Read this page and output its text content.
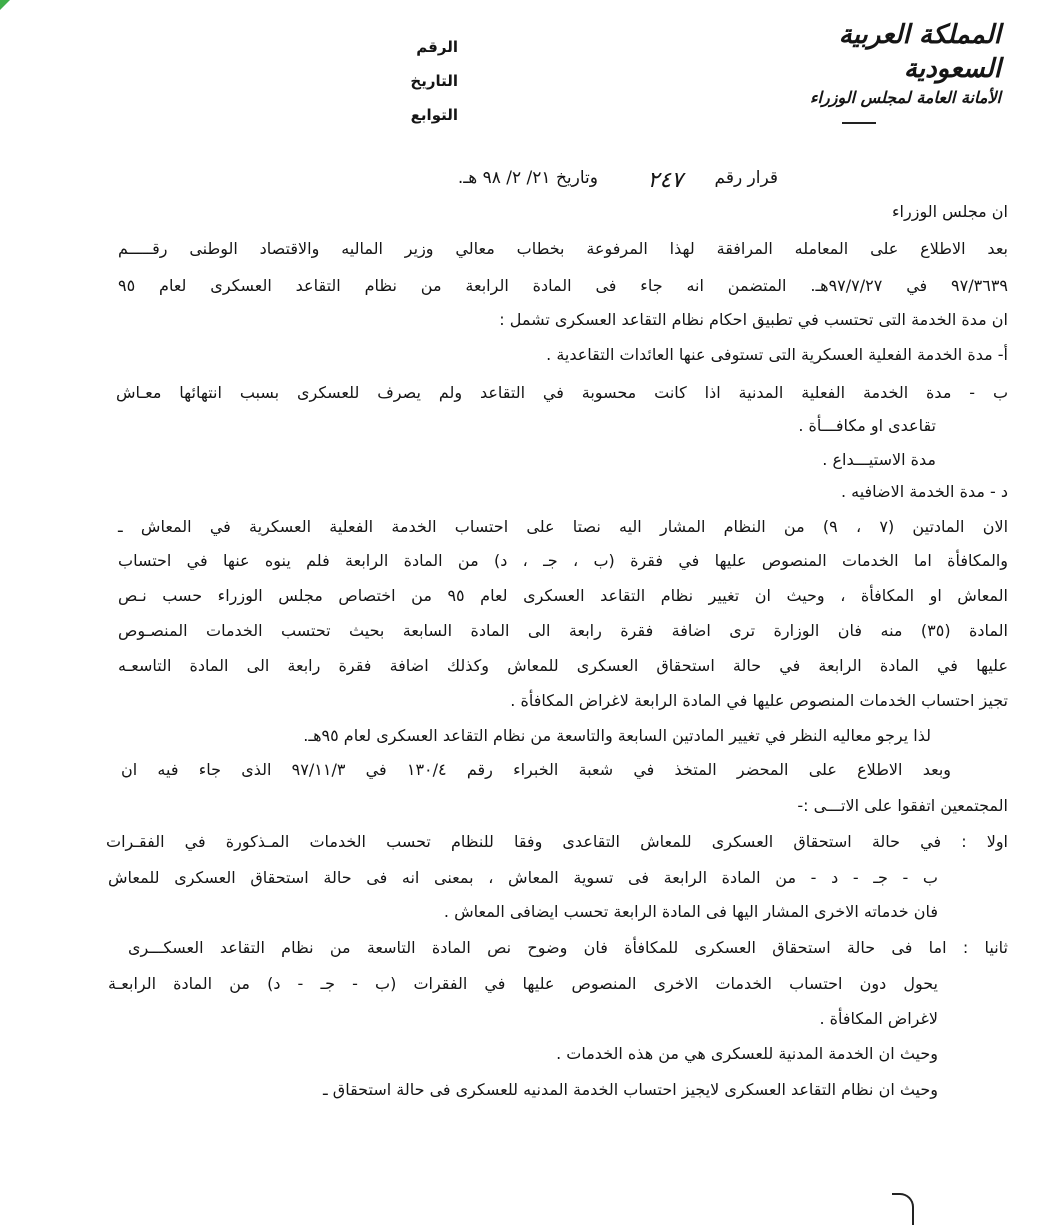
المملكة العربية السعودية
الأمانة العامة لمجلس الوزراء
الرقم
التاريخ
التوابع
قرار رقم
٢٤٧
وتاريخ ٢١/ ٢/ ٩٨ هـ.
ان مجلس الوزراء
بعد الاطلاع على المعامله المرافقة لهذا المرفوعة بخطاب معالي وزير الماليه والاقتصاد الوطنى رقـــــم
٩٧/٣٦٣٩ في ٩٧/٧/٢٧هـ. المتضمن انه جاء فى المادة الرابعة من نظام التقاعد العسكرى لعام ٩٥
ان مدة الخدمة التى تحتسب في تطبيق احكام نظام التقاعد العسكرى تشمل :
أ- مدة الخدمة الفعلية العسكرية التى تستوفى عنها العائدات التقاعدية .
ب - مدة الخدمة الفعلية المدنية اذا كانت محسوبة في التقاعد ولم يصرف للعسكرى بسبب انتهائها معـاش
تقاعدى او مكافـــأة .
مدة الاستيـــداع .
د - مدة الخدمة الاضافيه .
الان المادتين (٧ ، ٩) من النظام المشار اليه نصتا على احتساب الخدمة الفعلية العسكرية في المعاش ـ
والمكافأة اما الخدمات المنصوص عليها في فقرة (ب ، جـ ، د) من المادة الرابعة فلم ينوه عنها في احتساب
المعاش او المكافأة ، وحيث ان تغيير نظام التقاعد العسكرى لعام ٩٥ من اختصاص مجلس الوزراء حسب نـص
المادة (٣٥) منه فان الوزارة ترى اضافة فقرة رابعة الى المادة السابعة بحيث تحتسب الخدمات المنصـوص
عليها في المادة الرابعة في حالة استحقاق العسكرى للمعاش وكذلك اضافة فقرة رابعة الى المادة التاسعـه
تجيز احتساب الخدمات المنصوص عليها في المادة الرابعة لاغراض المكافأة .
لذا يرجو معاليه النظر في تغيير المادتين السابعة والتاسعة من نظام التقاعد العسكرى لعام ٩٥هـ.
وبعد الاطلاع على المحضر المتخذ في شعبة الخبراء رقم ١٣٠/٤ في ٩٧/١١/٣ الذى جاء فيه ان
المجتمعين اتفقوا على الاتـــى :-
اولا : في حالة استحقاق العسكرى للمعاش التقاعدى وفقا للنظام تحسب الخدمات المـذكورة في الفقـرات
ب - جـ - د - من المادة الرابعة فى تسوية المعاش ، بمعنى انه فى حالة استحقاق العسكرى للمعاش
فان خدماته الاخرى المشار اليها فى المادة الرابعة تحسب ايضافى المعاش .
ثانيا : اما فى حالة استحقاق العسكرى للمكافأة فان وضوح نص المادة التاسعة من نظام التقاعد العسكـــرى
يحول دون احتساب الخدمات الاخرى المنصوص عليها في الفقرات (ب - جـ - د) من المادة الرابعـة
لاغراض المكافأة .
وحيث ان الخدمة المدنية للعسكرى هي من هذه الخدمات .
وحيث ان نظام التقاعد العسكرى لايجيز احتساب الخدمة المدنيه للعسكرى فى حالة استحقاق ـ
